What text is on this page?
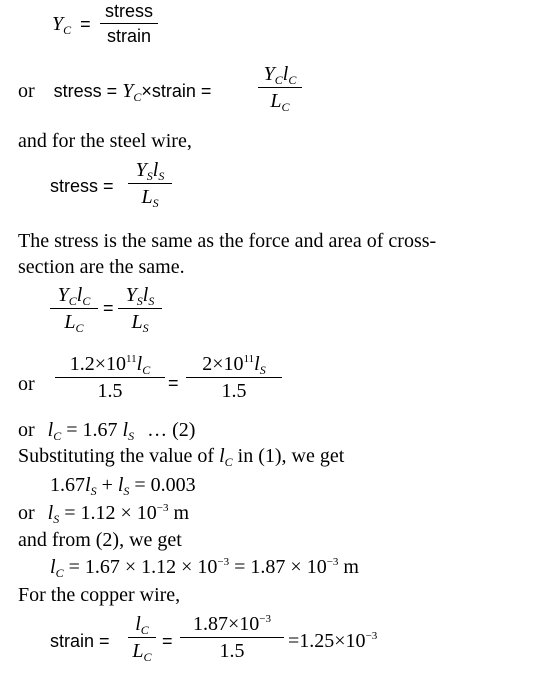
$Y_C$ =
stress
strain
or stress = $Y_C\times strain$ =
$Y_Cl_C$
$L_C$
and for the steel wire,
stress =
$Y_Sl_S$
$L_S$
The stress is the same as the force and area of cross-
section are the same.
$Y_Cl_C$
$L_C$
=
$Y_Sl_S$
$L_S$
or
$1.2\times 10^{11}l_C$
1.5	=
$2\times 10^{11}l_S$
1.5
or $l_C = 1.67$ $l_S$ … (2)
Substituting the value of $l_C$ in (1), we get
$1.67l_S + l_S = 0.003$
or $l_S = 1.12 \times 10^{-3}$ m
and from (2), we get
$l_C = 1.67 \times 1.12 \times 10^{-3} = 1.87 \times 10^{-3}$ m
For the copper wire,
strain =
$l_C$
$L_C$
=
$1.87\times 10^{-3}$
1.5	$=1.25\times 10^{-3}$
